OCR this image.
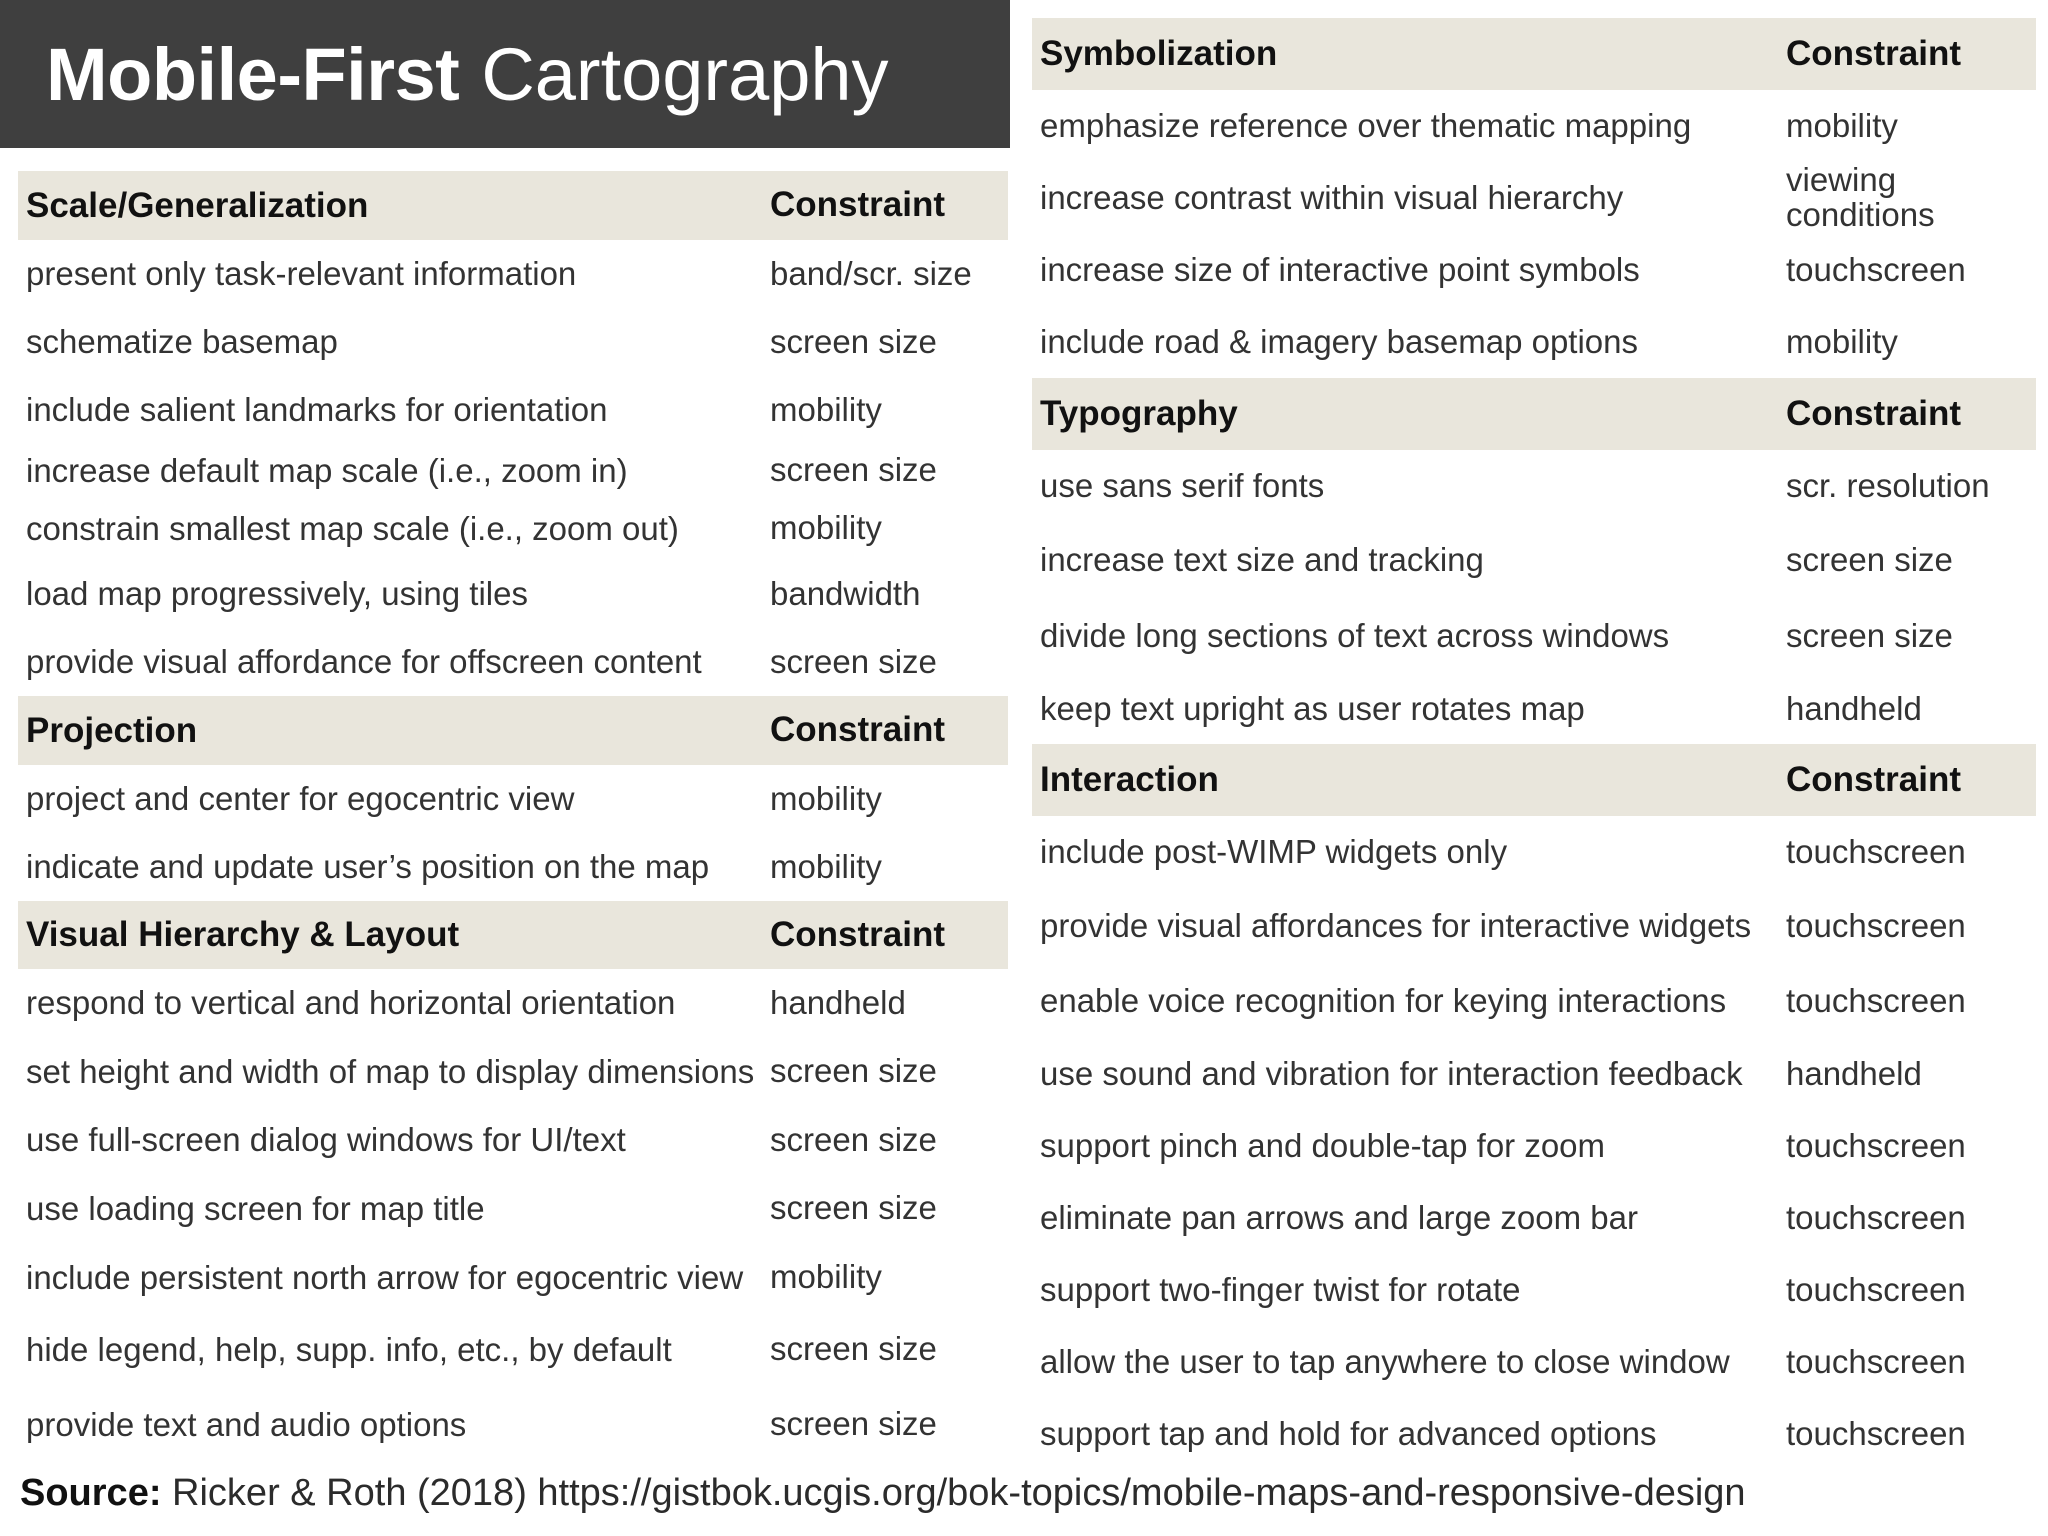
Mobile-First Cartography
Scale/Generalization	Constraint
present only task-relevant information	band/scr. size
schematize basemap	screen size
include salient landmarks for orientation	mobility
increase default map scale (i.e., zoom in)	screen size
constrain smallest map scale (i.e., zoom out)	mobility
load map progressively, using tiles	bandwidth
provide visual affordance for offscreen content screen size
Projection	Constraint
project and center for egocentric view	mobility
indicate and update user’s position on the map mobility
Visual Hierarchy & Layout	Constraint
respond to vertical and horizontal orientation	handheld
set height and width of map to display dimensions screen size
use full-screen dialog windows for UI/text	screen size
use loading screen for map title	screen size
include persistent north arrow for egocentric view mobility
hide legend, help, supp. info, etc., by default	screen size
provide text and audio options	screen size
Symbolization	Constraint
emphasize reference over thematic mapping	mobility
increase contrast within visual hierarchy	viewing
conditions
increase size of interactive point symbols	touchscreen
include road & imagery basemap options	mobility
Typography	Constraint
use sans serif fonts	scr. resolution
increase text size and tracking	screen size
divide long sections of text across windows	screen size
keep text upright as user rotates map	handheld
Interaction	Constraint
include post-WIMP widgets only	touchscreen
provide visual affordances for interactive widgets touchscreen
enable voice recognition for keying interactions touchscreen
use sound and vibration for interaction feedback handheld
support pinch and double-tap for zoom	touchscreen
eliminate pan arrows and large zoom bar	touchscreen
support two-finger twist for rotate	touchscreen
allow the user to tap anywhere to close window touchscreen
support tap and hold for advanced options	touchscreen
Source: Ricker & Roth (2018) https://gistbok.ucgis.org/bok-topics/mobile-maps-and-responsive-design
